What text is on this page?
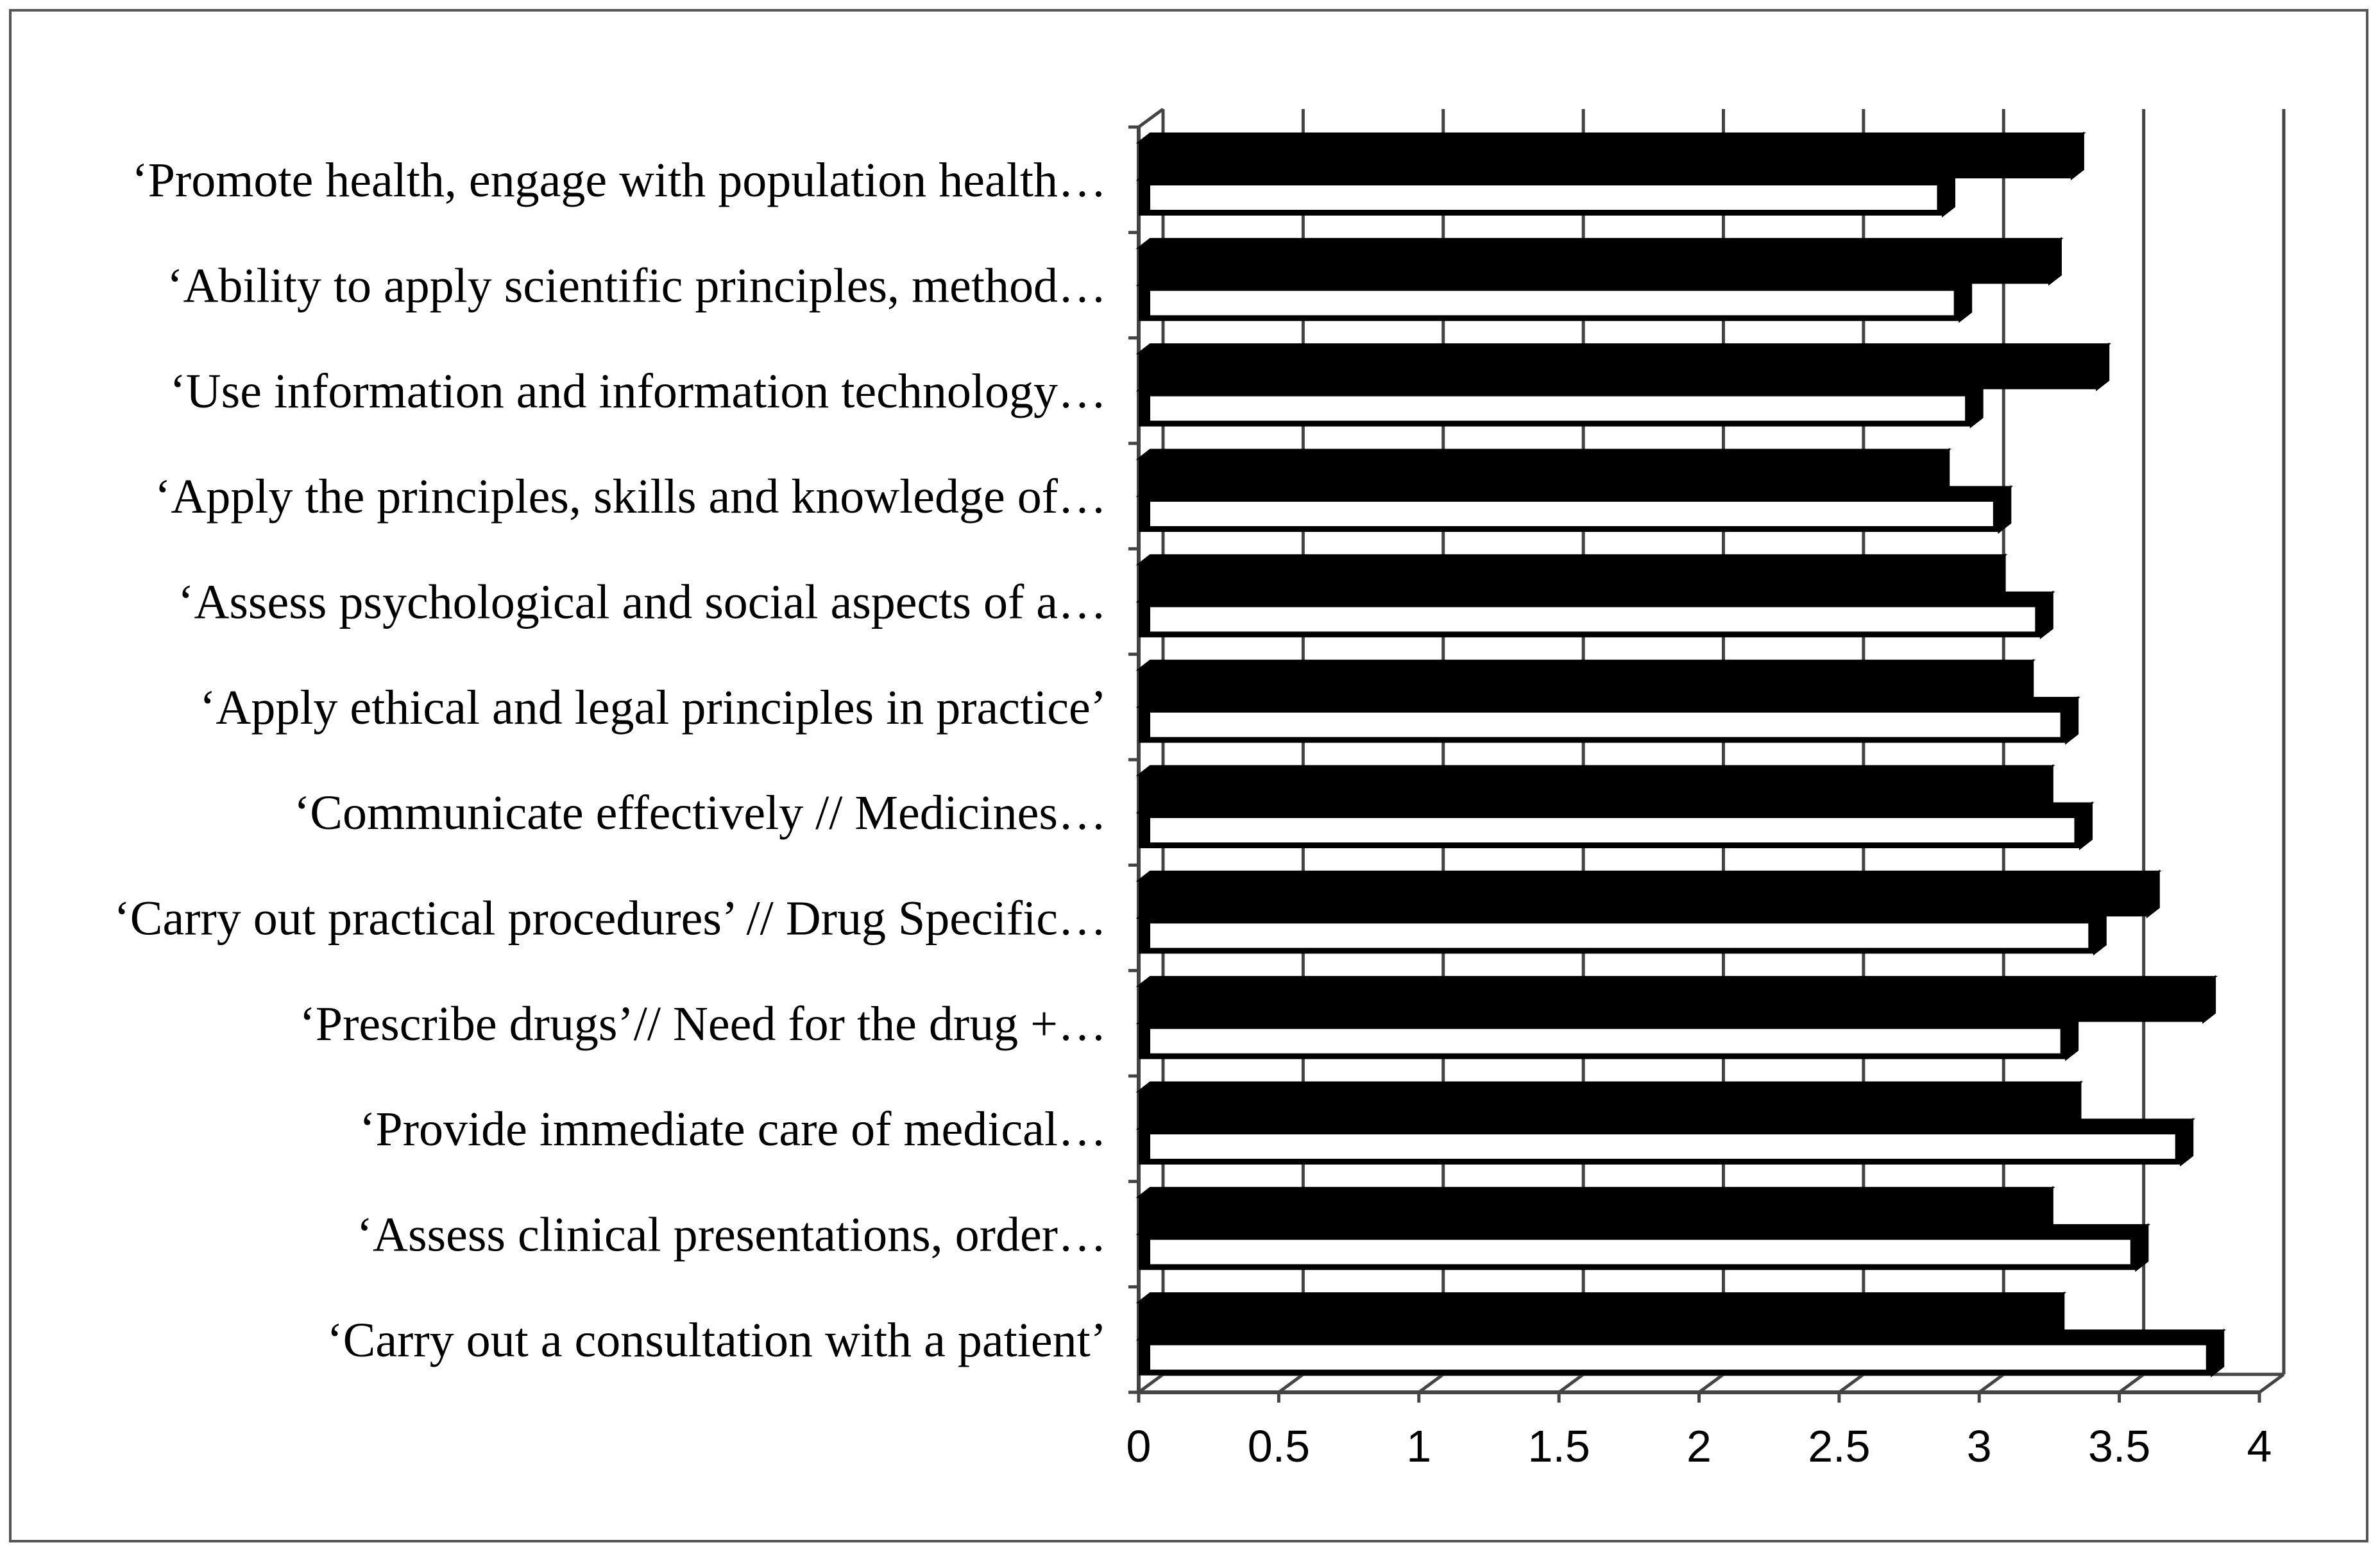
‘Promote health, engage with population health…
‘Ability to apply scientific principles, method…
‘Use information and information technology…
‘Apply the principles, skills and knowledge of…
‘Assess psychological and social aspects of a…
‘Apply ethical and legal principles in practice’
‘Communicate effectively // Medicines…
‘Carry out practical procedures’ // Drug Specific…
‘Prescribe drugs’// Need for the drug +…
‘Provide immediate care of medical…
‘Assess clinical presentations, order…
‘Carry out a consultation with a patient’
0 0.5 1 1.5 2 2.5 3 3.5 4
